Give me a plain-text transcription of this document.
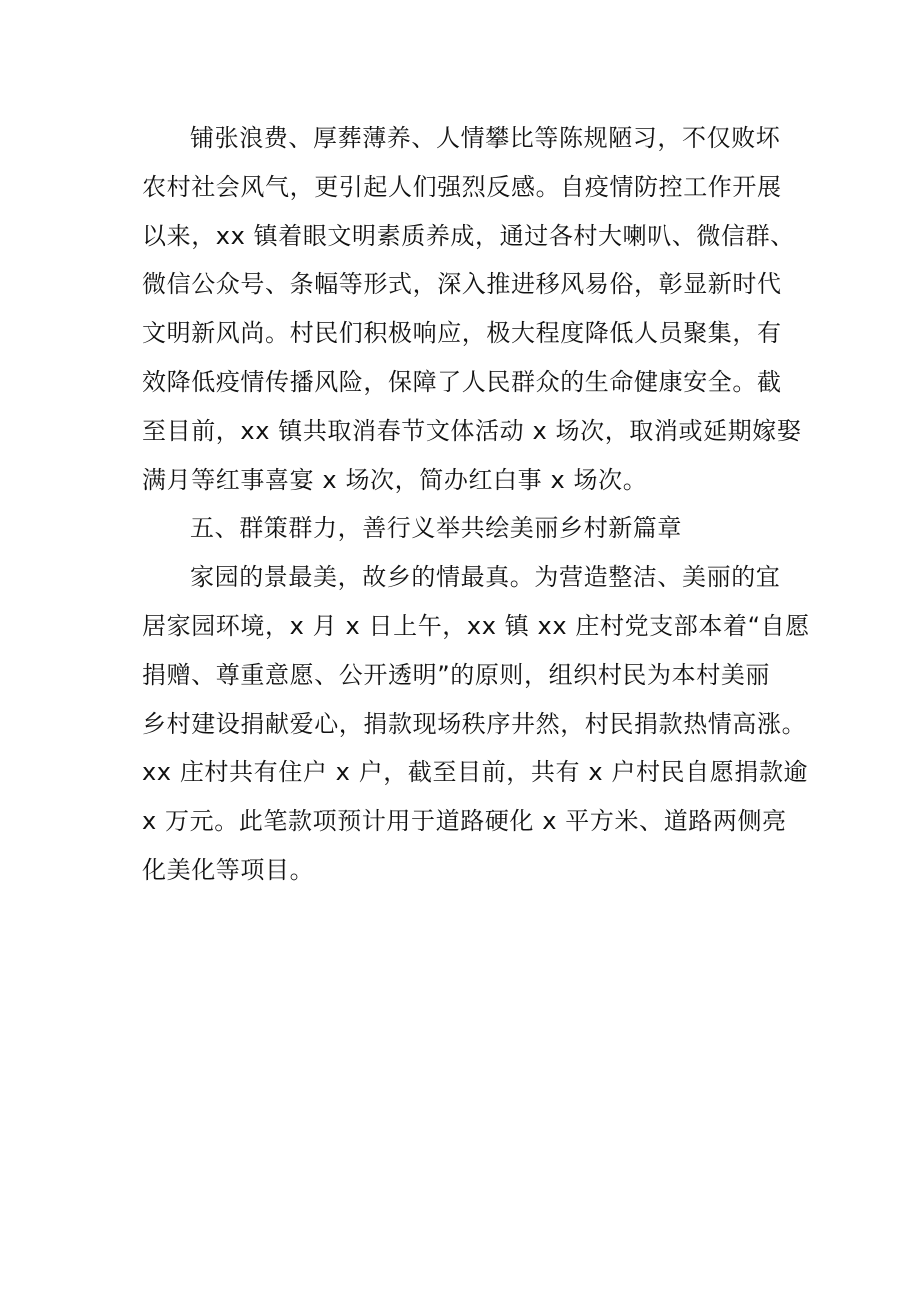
铺张浪费、厚葬薄养、人情攀比等陈规陋习，不仅败坏
农村社会风气，更引起人们强烈反感。自疫情防控工作开展
以来，xx 镇着眼文明素质养成，通过各村大喇叭、微信群、
微信公众号、条幅等形式，深入推进移风易俗，彰显新时代
文明新风尚。村民们积极响应，极大程度降低人员聚集，有
效降低疫情传播风险，保障了人民群众的生命健康安全。截
至目前，xx 镇共取消春节文体活动 x 场次，取消或延期嫁娶
满月等红事喜宴 x 场次，简办红白事 x 场次。
五、群策群力，善行义举共绘美丽乡村新篇章
家园的景最美，故乡的情最真。为营造整洁、美丽的宜
居家园环境，x 月 x 日上午，xx 镇 xx 庄村党支部本着“自愿
捐赠、尊重意愿、公开透明”的原则，组织村民为本村美丽
乡村建设捐献爱心，捐款现场秩序井然，村民捐款热情高涨。
xx 庄村共有住户 x 户，截至目前，共有 x 户村民自愿捐款逾
x 万元。此笔款项预计用于道路硬化 x 平方米、道路两侧亮
化美化等项目。
